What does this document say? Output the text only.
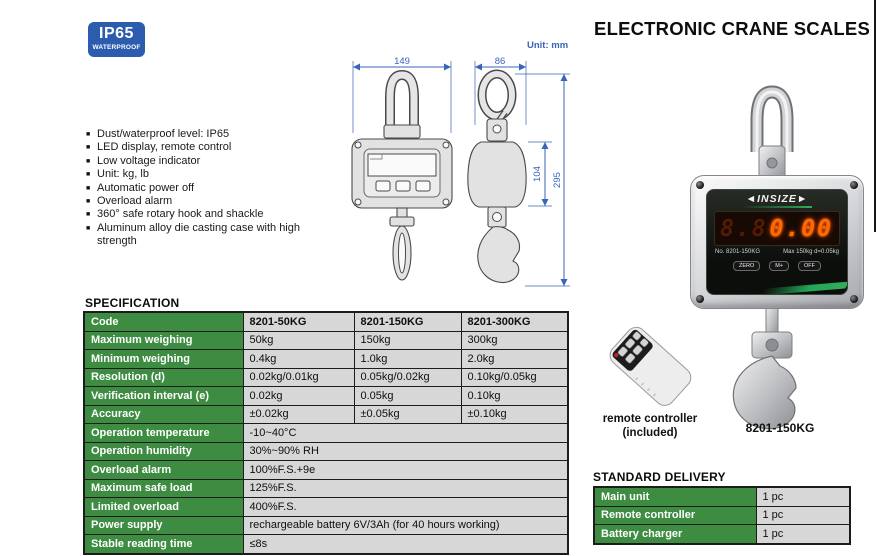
IP65
WATERPROOF
ELECTRONIC CRANE SCALES
Unit: mm
■ Dust/waterproof level: IP65
■ LED display, remote control
■ Low voltage indicator
■ Unit: kg, lb
■ Automatic power off
■ Overload alarm
■ 360° safe rotary hook and shackle
■ Aluminum alloy die casting case with high strength
149	86
104 295
◄INSIZE►
8.8 0.00
No. 8201-150KG	Max 150kg d=0.05kg
ZERO	M+	OFF
remote controller
(included)	8201-150KG
SPECIFICATION
Code	8201-50KG	8201-150KG	8201-300KG
Maximum weighing	50kg	150kg	300kg
Minimum weighing	0.4kg	1.0kg	2.0kg
Resolution (d)	0.02kg/0.01kg	0.05kg/0.02kg	0.10kg/0.05kg
Verification interval (e)	0.02kg	0.05kg	0.10kg
Accuracy	±0.02kg	±0.05kg	±0.10kg
Operation temperature	-10~40°C		
Operation humidity	30%~90% RH		
Overload alarm	100%F.S.+9e		
Maximum safe load	125%F.S.		
Limited overload	400%F.S.		
Power supply	rechargeable battery 6V/3Ah (for 40 hours working)		
Stable reading time	≤8s		
STANDARD DELIVERY
Main unit	1 pc
Remote controller	1 pc
Battery charger	1 pc
